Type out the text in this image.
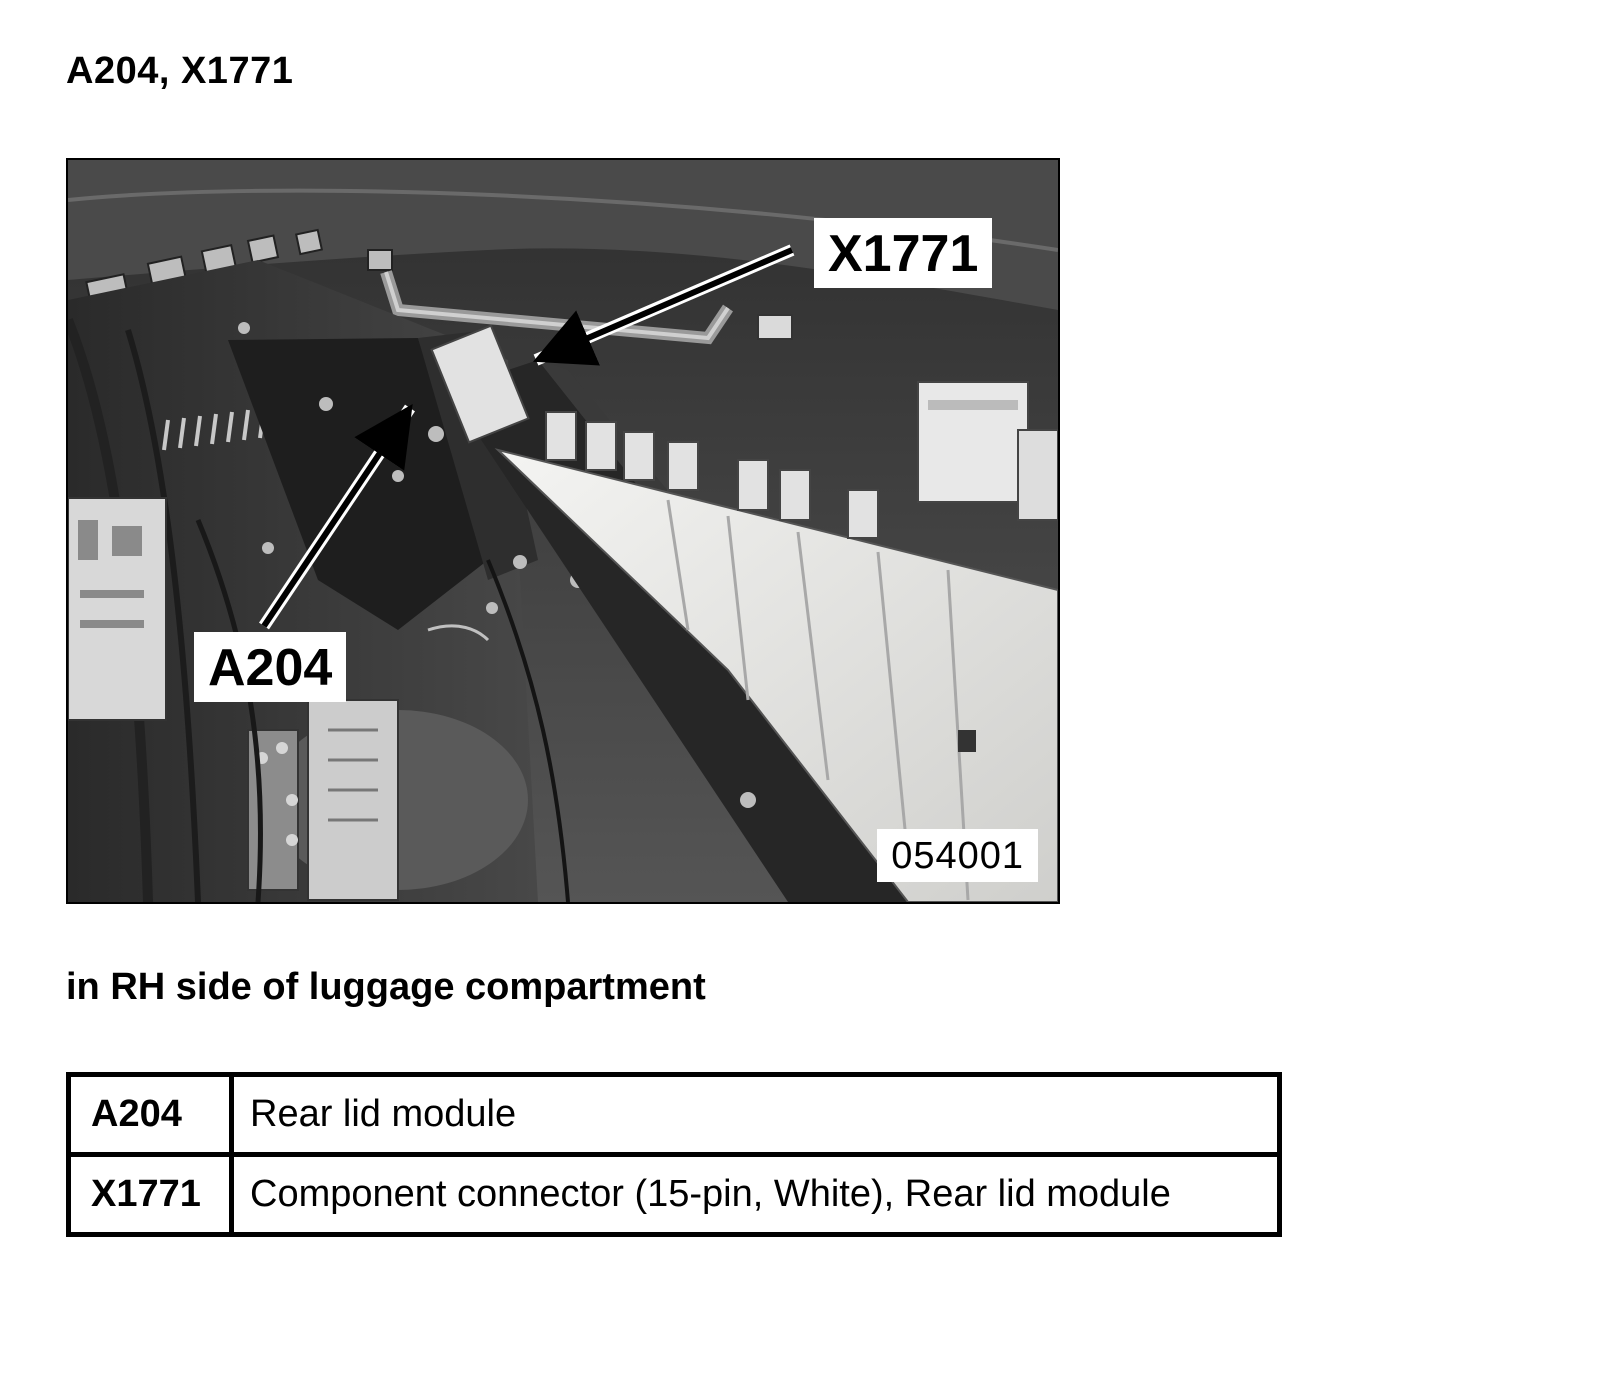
A204, X1771
X1771
A204
054001
in RH side of luggage compartment
A204	Rear lid module
X1771	Component connector (15-pin, White), Rear lid module
